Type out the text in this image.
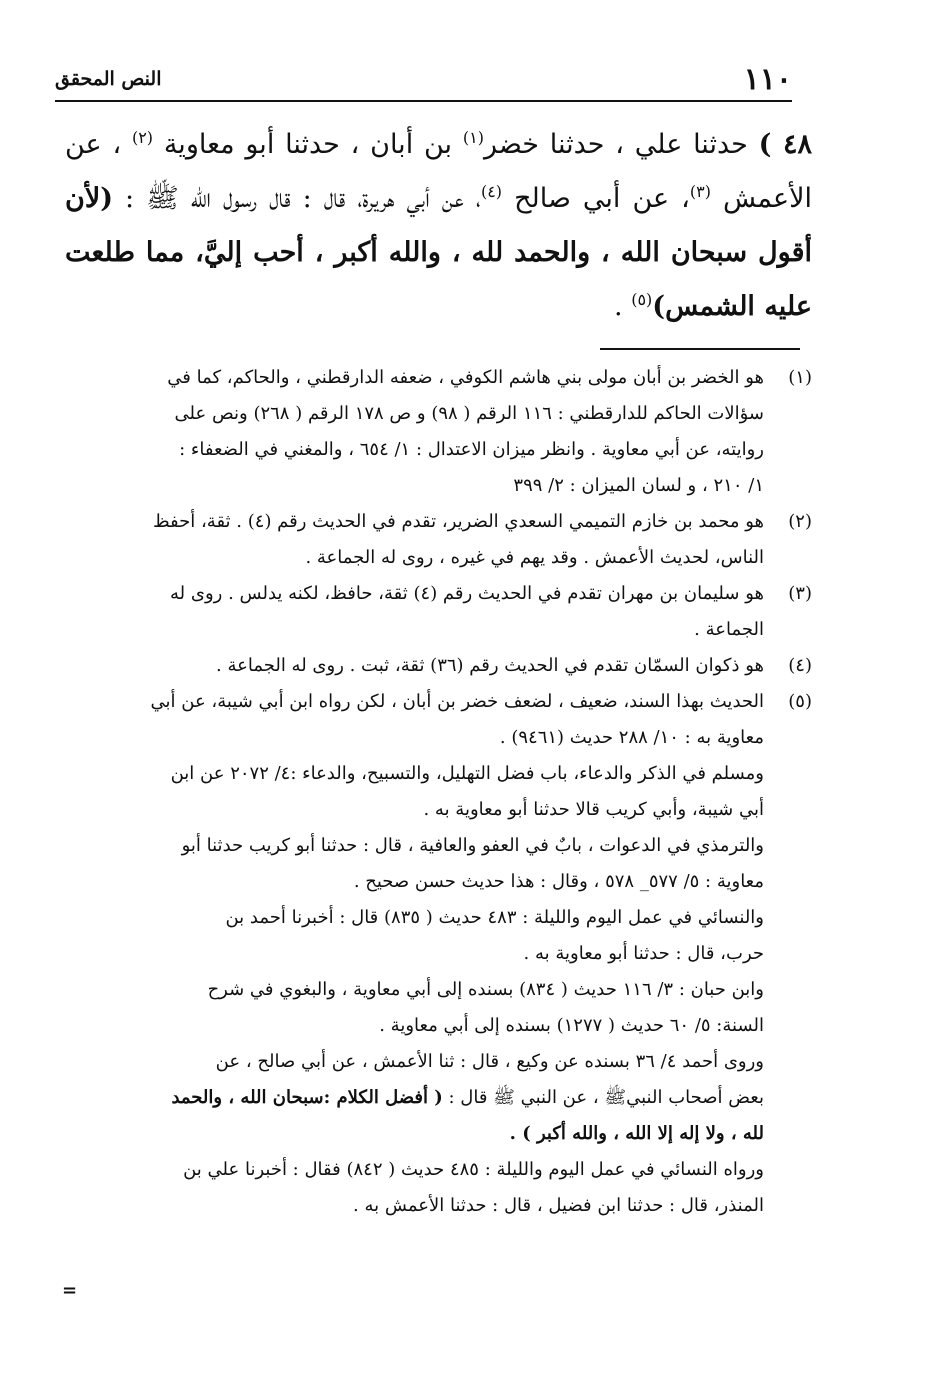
١١٠
النص المحقق
٤٨ ) حدثنا علي ، حدثنا خضر$^{(١)}$ بن أبان ، حدثنا أبو معاوية $^{(٢)}$ ، عن الأعمش $^{(٣)}$، عن أبي صالح $^{(٤)}$، عن أبي هريرة، قال : قال رسول الله ﷺ : (لأن أقول سبحان الله ، والحمد لله ، والله أكبر ، أحب إليَّ، مما طلعت عليه الشمس)$^{(٥)}$ .
(١)
هو الخضر بن أبان مولى بني هاشم الكوفي ، ضعفه الدارقطني ، والحاكم، كما في
سؤالات الحاكم للدارقطني : ١١٦ الرقم ( ٩٨) و ص ١٧٨ الرقم ( ٢٦٨) ونص على
روايته، عن أبي معاوية . وانظر ميزان الاعتدال : ١/ ٦٥٤ ، والمغني في الضعفاء :
١/ ٢١٠ ، و لسان الميزان : ٢/ ٣٩٩
(٢)
هو محمد بن خازم التميمي السعدي الضرير، تقدم في الحديث رقم (٤) . ثقة، أحفظ
الناس، لحديث الأعمش . وقد يهم في غيره ، روى له الجماعة .
(٣)
هو سليمان بن مهران تقدم في الحديث رقم (٤) ثقة، حافظ، لكنه يدلس . روى له
الجماعة .
(٤)
هو ذكوان السمّان تقدم في الحديث رقم (٣٦) ثقة، ثبت . روى له الجماعة .
(٥)
الحديث بهذا السند، ضعيف ، لضعف خضر بن أبان ، لكن رواه ابن أبي شيبة، عن أبي
معاوية به : ١٠/ ٢٨٨ حديث (٩٤٦١) .
ومسلم في الذكر والدعاء، باب فضل التهليل، والتسبيح، والدعاء :٤/ ٢٠٧٢ عن ابن
أبي شيبة، وأبي كريب قالا حدثنا أبو معاوية به .
والترمذي في الدعوات ، بابٌ في العفو والعافية ، قال : حدثنا أبو كريب حدثنا أبو
معاوية : ٥/ ٥٧٧_ ٥٧٨ ، وقال : هذا حديث حسن صحيح .
والنسائي في عمل اليوم والليلة : ٤٨٣ حديث ( ٨٣٥) قال : أخبرنا أحمد بن
حرب، قال : حدثنا أبو معاوية به .
وابن حبان : ٣/ ١١٦ حديث ( ٨٣٤) بسنده إلى أبي معاوية ، والبغوي في شرح
السنة: ٥/ ٦٠ حديث ( ١٢٧٧) بسنده إلى أبي معاوية .
وروى أحمد ٤/ ٣٦ بسنده عن وكيع ، قال : ثنا الأعمش ، عن أبي صالح ، عن
بعض أصحاب النبيﷺ ، عن النبي ﷺ قال : ( أفضل الكلام :سبحان الله ، والحمد
لله ، ولا إله إلا الله ، والله أكبر ) .
ورواه النسائي في عمل اليوم والليلة : ٤٨٥ حديث ( ٨٤٢) فقال : أخبرنا علي بن
المنذر، قال : حدثنا ابن فضيل ، قال : حدثنا الأعمش به .
=
